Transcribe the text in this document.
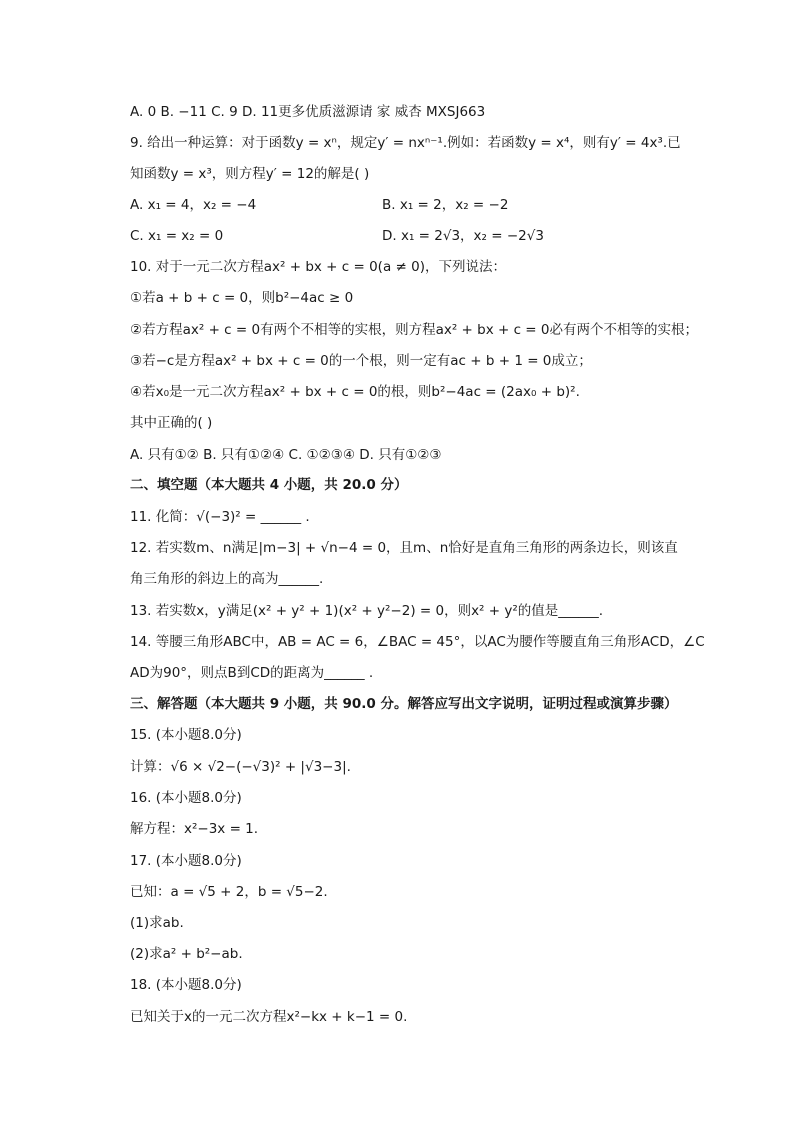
A. 0 B. −11 C. 9 D. 11更多优质滋源请 家 威杏 MXSJ663
9. 给出一种运算：对于函数y = xⁿ，规定y′ = nxⁿ⁻¹.例如：若函数y = x⁴，则有y′ = 4x³.已
知函数y = x³，则方程y′ = 12的解是( )
A. x₁ = 4，x₂ = −4	B. x₁ = 2，x₂ = −2
C. x₁ = x₂ = 0	D. x₁ = 2√3，x₂ = −2√3
10. 对于一元二次方程ax² + bx + c = 0(a ≠ 0)，下列说法：
①若a + b + c = 0，则b²−4ac ≥ 0
②若方程ax² + c = 0有两个不相等的实根，则方程ax² + bx + c = 0必有两个不相等的实根；
③若−c是方程ax² + bx + c = 0的一个根，则一定有ac + b + 1 = 0成立；
④若x₀是一元二次方程ax² + bx + c = 0的根，则b²−4ac = (2ax₀ + b)².
其中正确的( )
A. 只有①② B. 只有①②④ C. ①②③④ D. 只有①②③
二、填空题（本大题共 4 小题，共 20.0 分）
11. 化简：√(−3)² = ______ .
12. 若实数m、n满足|m−3| + √n−4 = 0，且m、n恰好是直角三角形的两条边长，则该直
角三角形的斜边上的高为______.
13. 若实数x，y满足(x² + y² + 1)(x² + y²−2) = 0，则x² + y²的值是______.
14. 等腰三角形ABC中，AB = AC = 6，∠BAC = 45°，以AC为腰作等腰直角三角形ACD，∠C
AD为90°，则点B到CD的距离为______ .
三、解答题（本大题共 9 小题，共 90.0 分。解答应写出文字说明，证明过程或演算步骤）
15. (本小题8.0分)
计算：√6 × √2−(−√3)² + |√3−3|.
16. (本小题8.0分)
解方程：x²−3x = 1.
17. (本小题8.0分)
已知：a = √5 + 2，b = √5−2.
(1)求ab.
(2)求a² + b²−ab.
18. (本小题8.0分)
已知关于x的一元二次方程x²−kx + k−1 = 0.
